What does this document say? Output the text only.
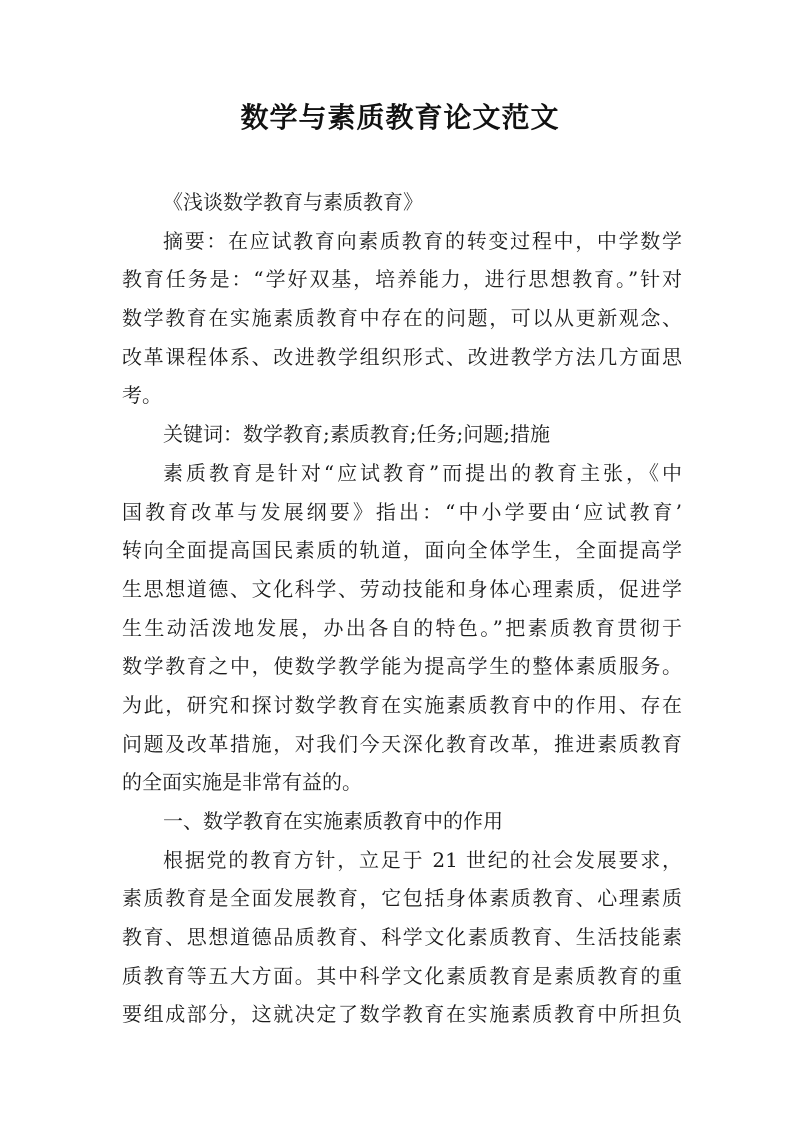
数学与素质教育论文范文
《浅谈数学教育与素质教育》
摘要：在应试教育向素质教育的转变过程中，中学数学
教育任务是：“学好双基，培养能力，进行思想教育。”针对
数学教育在实施素质教育中存在的问题，可以从更新观念、
改革课程体系、改进教学组织形式、改进教学方法几方面思
考。
关键词：数学教育;素质教育;任务;问题;措施
素质教育是针对“应试教育”而提出的教育主张，《中
国教育改革与发展纲要》指出：“中小学要由‘应试教育’
转向全面提高国民素质的轨道，面向全体学生，全面提高学
生思想道德、文化科学、劳动技能和身体心理素质，促进学
生生动活泼地发展，办出各自的特色。”把素质教育贯彻于
数学教育之中，使数学教学能为提高学生的整体素质服务。
为此，研究和探讨数学教育在实施素质教育中的作用、存在
问题及改革措施，对我们今天深化教育改革，推进素质教育
的全面实施是非常有益的。
一、数学教育在实施素质教育中的作用
根据党的教育方针，立足于 21 世纪的社会发展要求，
素质教育是全面发展教育，它包括身体素质教育、心理素质
教育、思想道德品质教育、科学文化素质教育、生活技能素
质教育等五大方面。其中科学文化素质教育是素质教育的重
要组成部分，这就决定了数学教育在实施素质教育中所担负
